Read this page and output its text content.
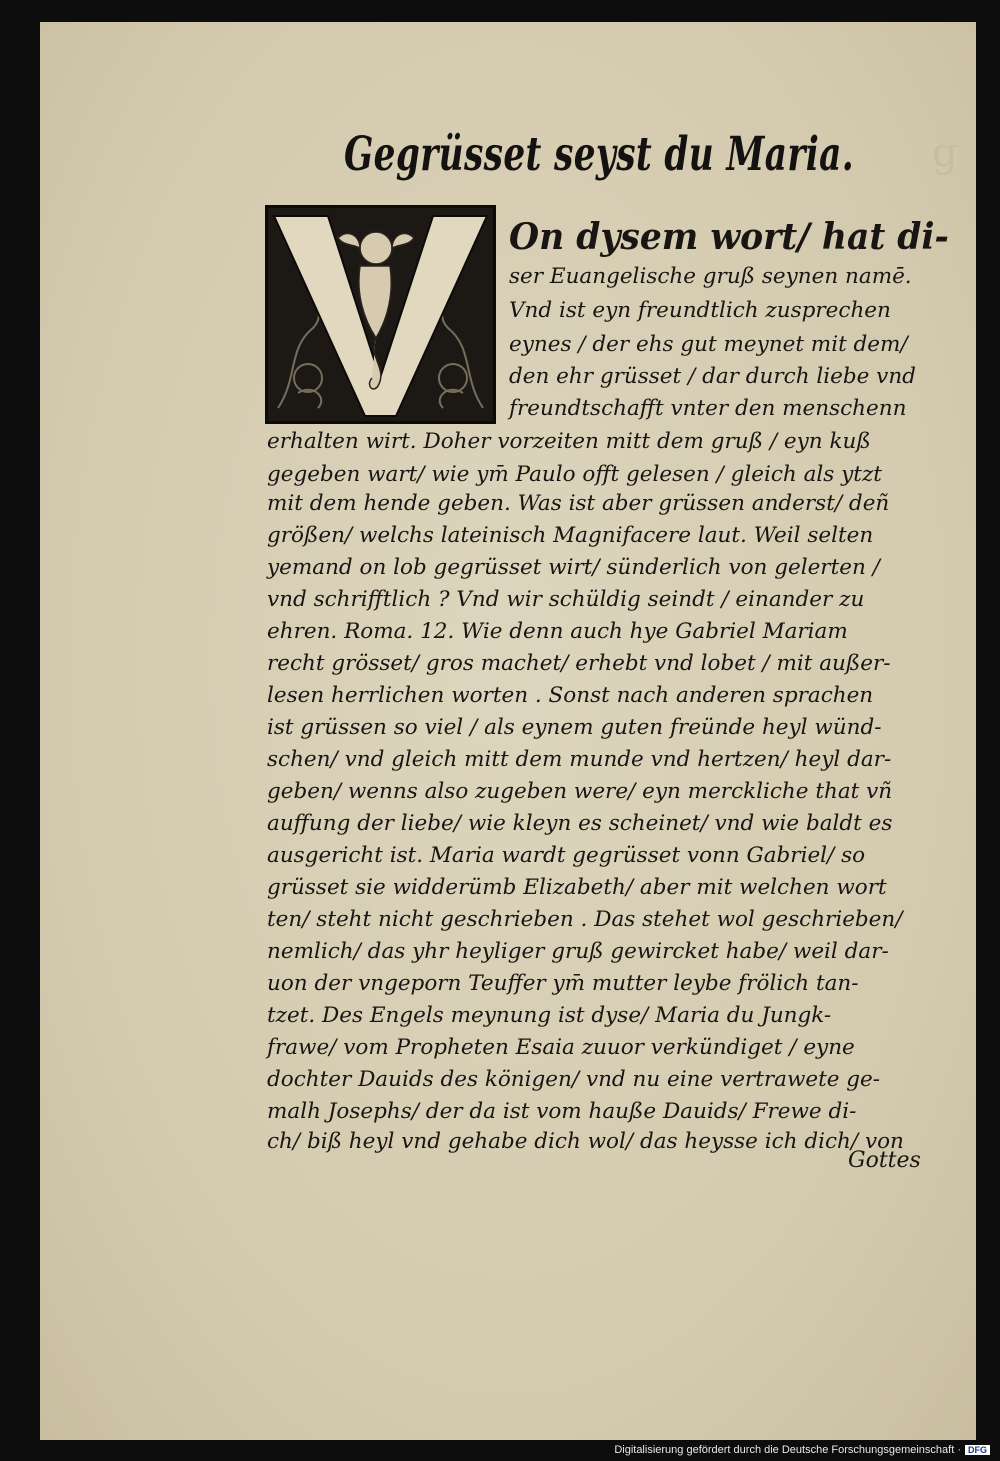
g
Gegrüsset seyst du Maria.
V
On dysem wort/ hat di-
ser Euangelische gruß seynen namē.
Vnd ist eyn freundtlich zusprechen
eynes / der ehs gut meynet mit dem/
den ehr grüsset / dar durch liebe vnd
freundtschafft vnter den menschenn
erhalten wirt. Doher vorzeiten mitt dem gruß / eyn kuß
gegeben wart/ wie ym̄ Paulo offt gelesen / gleich als ytzt
mit dem hende geben. Was ist aber grüssen anderst/ deñ
größen/ welchs lateinisch Magnifacere laut. Weil selten
yemand on lob gegrüsset wirt/ sünderlich von gelerten /
vnd schrifftlich ? Vnd wir schüldig seindt / einander zu
ehren. Roma. 12. Wie denn auch hye Gabriel Mariam
recht grösset/ gros machet/ erhebt vnd lobet / mit außer-
lesen herrlichen worten . Sonst nach anderen sprachen
ist grüssen so viel / als eynem guten freünde heyl wünd-
schen/ vnd gleich mitt dem munde vnd hertzen/ heyl dar-
geben/ wenns also zugeben were/ eyn merckliche that vñ
auffung der liebe/ wie kleyn es scheinet/ vnd wie baldt es
ausgericht ist. Maria wardt gegrüsset vonn Gabriel/ so
grüsset sie widderümb Elizabeth/ aber mit welchen wort
ten/ steht nicht geschrieben . Das stehet wol geschrieben/
nemlich/ das yhr heyliger gruß gewircket habe/ weil dar-
uon der vngeporn Teuffer ym̄ mutter leybe frölich tan-
tzet. Des Engels meynung ist dyse/ Maria du Jungk-
frawe/ vom Propheten Esaia zuuor verkündiget / eyne
dochter Dauids des königen/ vnd nu eine vertrawete ge-
malh Josephs/ der da ist vom hauße Dauids/ Frewe di-
ch/ biß heyl vnd gehabe dich wol/ das heysse ich dich/ von
Gottes
Digitalisierung gefördert durch die Deutsche Forschungsgemeinschaft · DFG
